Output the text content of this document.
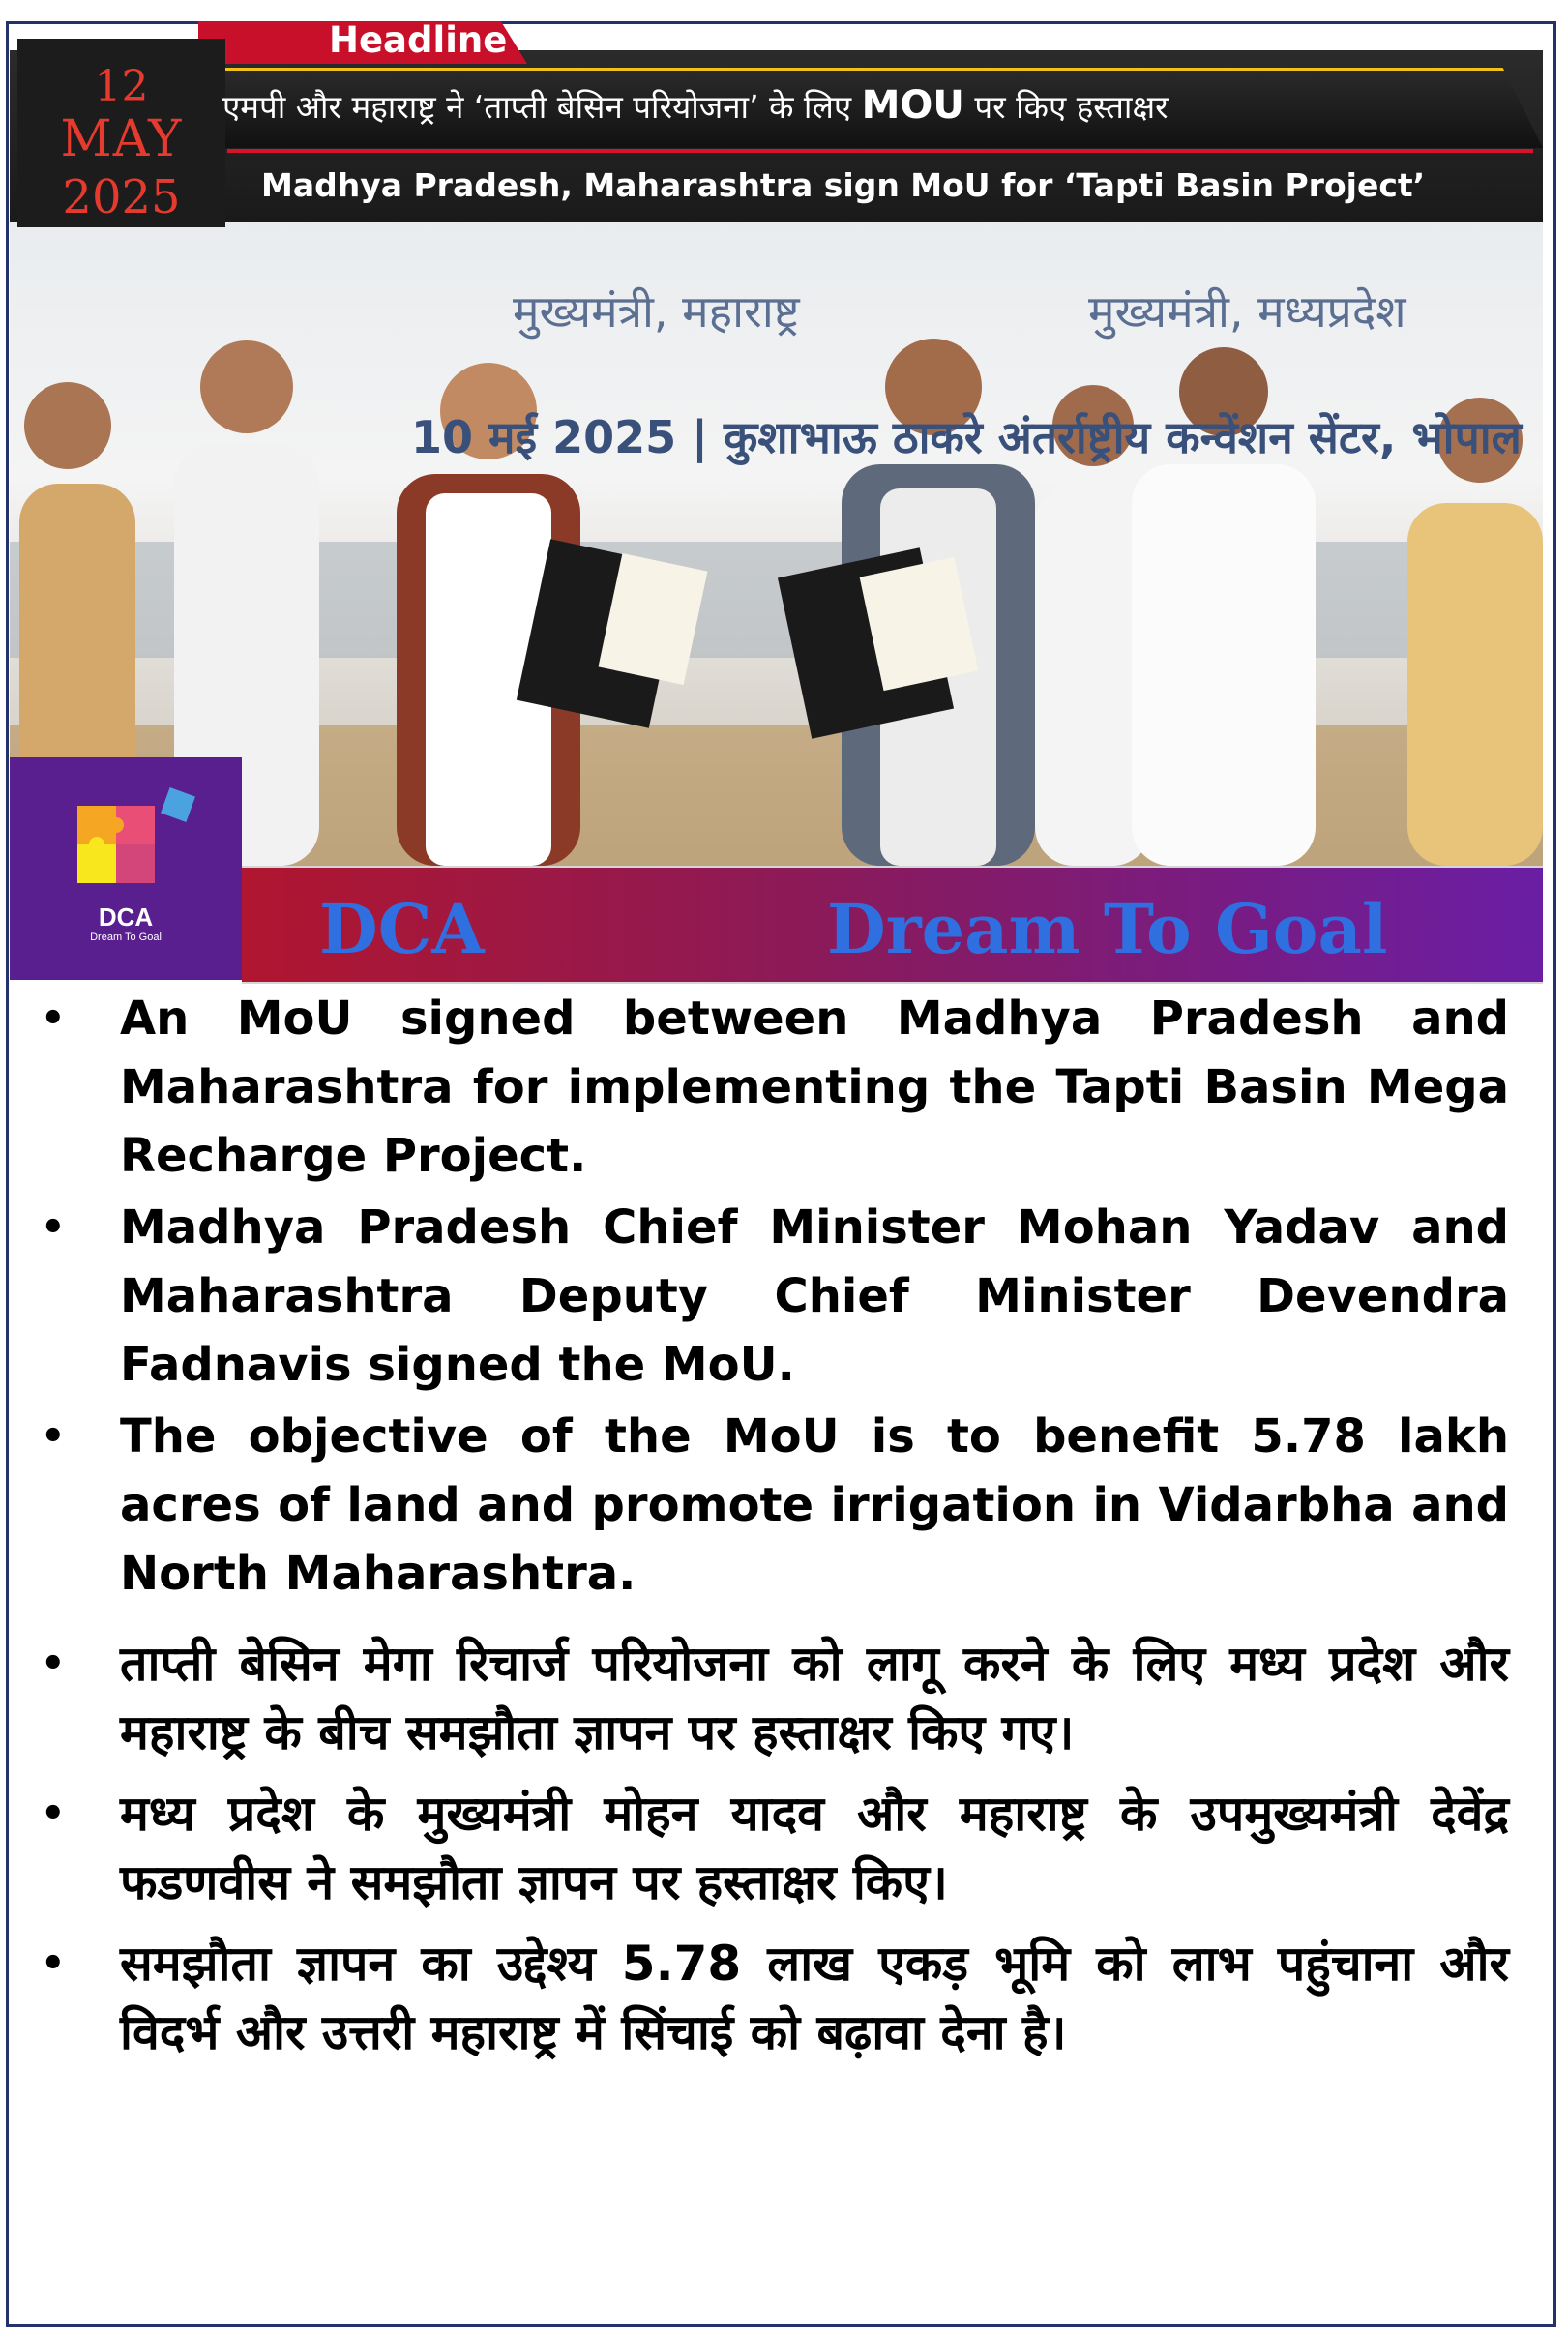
Headline
12
MAY
2025
एमपी और महाराष्ट्र ने ‘ताप्ती बेसिन परियोजना’ के लिए MOU पर किए हस्ताक्षर
Madhya Pradesh, Maharashtra sign MoU for ‘Tapti Basin Project’
मुख्यमंत्री, महाराष्ट्र	मुख्यमंत्री, मध्यप्रदेश
10 मई 2025 | कुशाभाऊ ठाकरे अंतर्राष्ट्रीय कन्वेंशन सेंटर, भोपाल
DCA
Dream To Goal	DCA	Dream To Goal
• An MoU signed between Madhya Pradesh and Maharashtra for implementing the Tapti Basin Mega Recharge Project.
• Madhya Pradesh Chief Minister Mohan Yadav and Maharashtra Deputy Chief Minister Devendra Fadnavis signed the MoU.
• The objective of the MoU is to benefit 5.78 lakh acres of land and promote irrigation in Vidarbha and North Maharashtra.
• ताप्ती बेसिन मेगा रिचार्ज परियोजना को लागू करने के लिए मध्य प्रदेश और महाराष्ट्र के बीच समझौता ज्ञापन पर हस्ताक्षर किए गए।
• मध्य प्रदेश के मुख्यमंत्री मोहन यादव और महाराष्ट्र के उपमुख्यमंत्री देवेंद्र फडणवीस ने समझौता ज्ञापन पर हस्ताक्षर किए।
• समझौता ज्ञापन का उद्देश्य 5.78 लाख एकड़ भूमि को लाभ पहुंचाना और विदर्भ और उत्तरी महाराष्ट्र में सिंचाई को बढ़ावा देना है।
